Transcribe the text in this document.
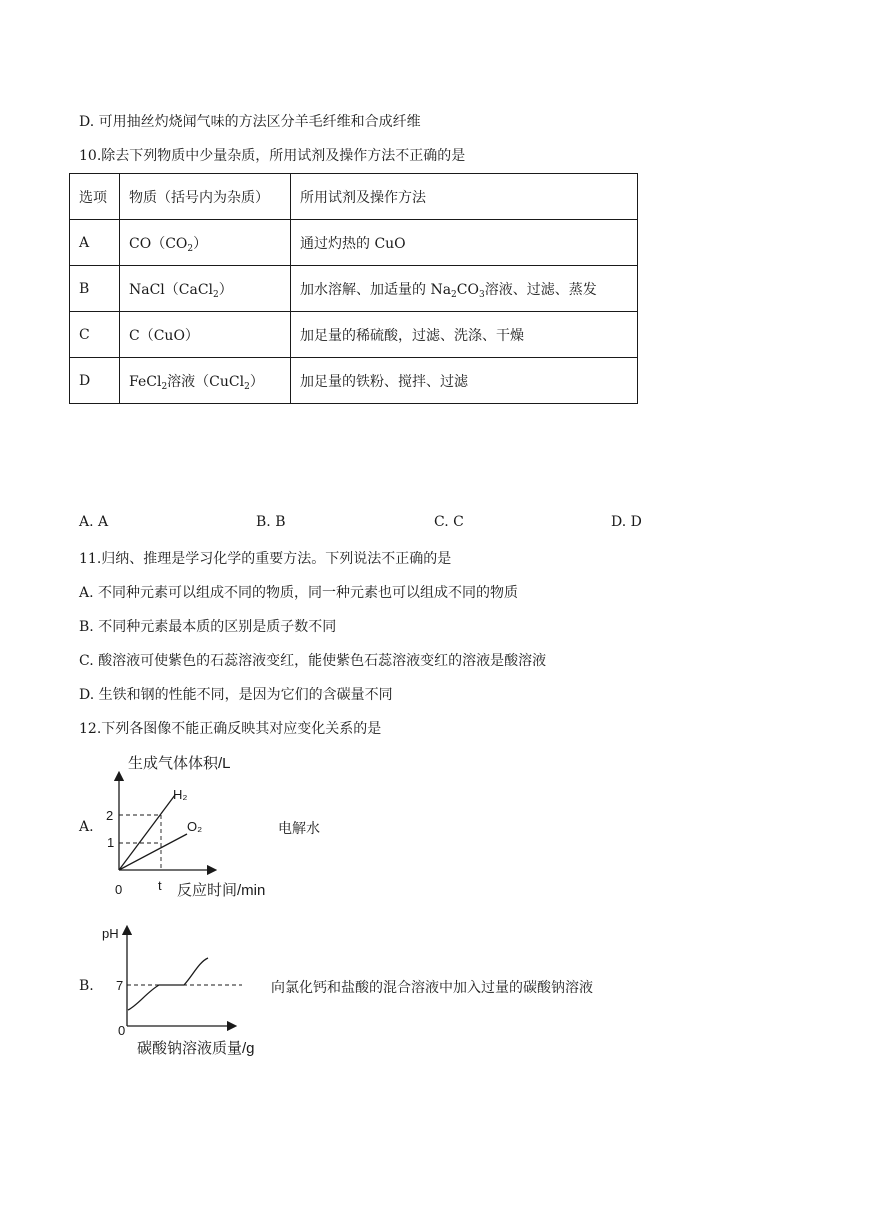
D. 可用抽丝灼烧闻气味的方法区分羊毛纤维和合成纤维
10.除去下列物质中少量杂质，所用试剂及操作方法不正确的是
选项	物质（括号内为杂质）	所用试剂及操作方法
A	$CO(CO_2)$	通过灼热的 CuO
B	NaCl（CaCl$_2$）	加水溶解、加适量的 $Na_2CO_3$溶液、过滤、蒸发
C	C（CuO）	加足量的稀硫酸，过滤、洗涤、干燥
D	FeCl$_2$溶液（CuCl$_2$）	加足量的铁粉、搅拌、过滤
A. A	B. B	C. C	D. D
11.归纳、推理是学习化学的重要方法。下列说法不正确的是
A. 不同种元素可以组成不同的物质，同一种元素也可以组成不同的物质
B. 不同种元素最本质的区别是质子数不同
C. 酸溶液可使紫色的石蕊溶液变红，能使紫色石蕊溶液变红的溶液是酸溶液
D. 生铁和钢的性能不同，是因为它们的含碳量不同
12.下列各图像不能正确反映其对应变化关系的是
A.
生成气体体积/L
H₂
O₂
2
1
0	t 反应时间/min
电解水
B.
pH
7
0
碳酸钠溶液质量/g
向氯化钙和盐酸的混合溶液中加入过量的碳酸钠溶液
